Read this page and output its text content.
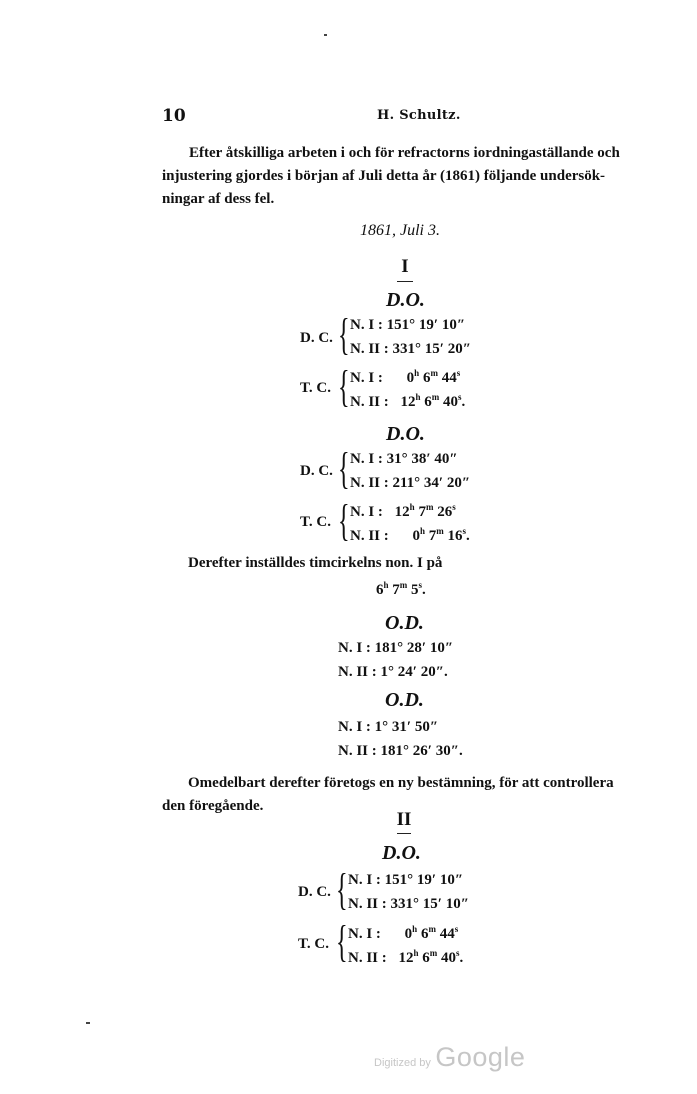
10	H. Schultz.
Efter åtskilliga arbeten i och för refractorns iordningaställande och
injustering gjordes i början af Juli detta år (1861) följande undersök-
ningar af dess fel.
1861, Juli 3.
I
D.O.
D. C. { N. I : 151° 19′ 10″
N. II : 331° 15′ 20″
T. C. { N. I : 0$^h$ 6$^m$ 44$^s$
N. II : 12$^h$ 6$^m$ 40$^s$.
D.O.
D. C. { N. I : 31° 38′ 40″
N. II : 211° 34′ 20″
T. C. { N. I : 12$^h$ 7$^m$ 26$^s$
N. II : 0$^h$ 7$^m$ 16$^s$.
Derefter inställdes timcirkelns non. I på
6$^h$ 7$^m$ 5$^s$.
O.D.
N. I : 181° 28′ 10″
N. II : 1° 24′ 20″.
O.D.
N. I : 1° 31′ 50″
N. II : 181° 26′ 30″.
Omedelbart derefter företogs en ny bestämning, för att controllera
den föregående.
II
D.O.
D. C. { N. I : 151° 19′ 10″
N. II : 331° 15′ 10″
T. C. { N. I : 0$^h$ 6$^m$ 44$^s$
N. II : 12$^h$ 6$^m$ 40$^s$.
Digitized by Google
